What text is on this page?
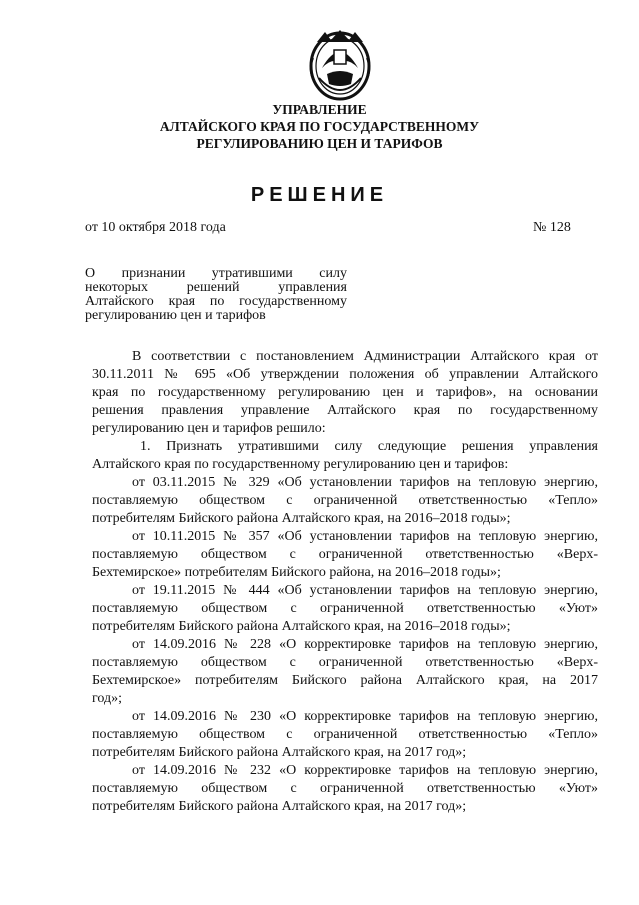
УПРАВЛЕНИЕ
АЛТАЙСКОГО КРАЯ ПО ГОСУДАРСТВЕННОМУ
РЕГУЛИРОВАНИЮ ЦЕН И ТАРИФОВ
РЕШЕНИЕ
от 10 октября 2018 года	№ 128
О признании утратившими силу
некоторых решений управления
Алтайского края по государственному
регулированию цен и тарифов
В соответствии с постановлением Администрации Алтайского края от
30.11.2011 № 695 «Об утверждении положения об управлении Алтайского
края по государственному регулированию цен и тарифов», на основании
решения правления управление Алтайского края по государственному
регулированию цен и тарифов решило:
1. Признать утратившими силу следующие решения управления
Алтайского края по государственному регулированию цен и тарифов:
от 03.11.2015 № 329 «Об установлении тарифов на тепловую энергию,
поставляемую обществом с ограниченной ответственностью «Тепло»
потребителям Бийского района Алтайского края, на 2016–2018 годы»;
от 10.11.2015 № 357 «Об установлении тарифов на тепловую энергию,
поставляемую обществом с ограниченной ответственностью «Верх-
Бехтемирское» потребителям Бийского района, на 2016–2018 годы»;
от 19.11.2015 № 444 «Об установлении тарифов на тепловую энергию,
поставляемую обществом с ограниченной ответственностью «Уют»
потребителям Бийского района Алтайского края, на 2016–2018 годы»;
от 14.09.2016 № 228 «О корректировке тарифов на тепловую энергию,
поставляемую обществом с ограниченной ответственностью «Верх-
Бехтемирское» потребителям Бийского района Алтайского края, на 2017
год»;
от 14.09.2016 № 230 «О корректировке тарифов на тепловую энергию,
поставляемую обществом с ограниченной ответственностью «Тепло»
потребителям Бийского района Алтайского края, на 2017 год»;
от 14.09.2016 № 232 «О корректировке тарифов на тепловую энергию,
поставляемую обществом с ограниченной ответственностью «Уют»
потребителям Бийского района Алтайского края, на 2017 год»;
